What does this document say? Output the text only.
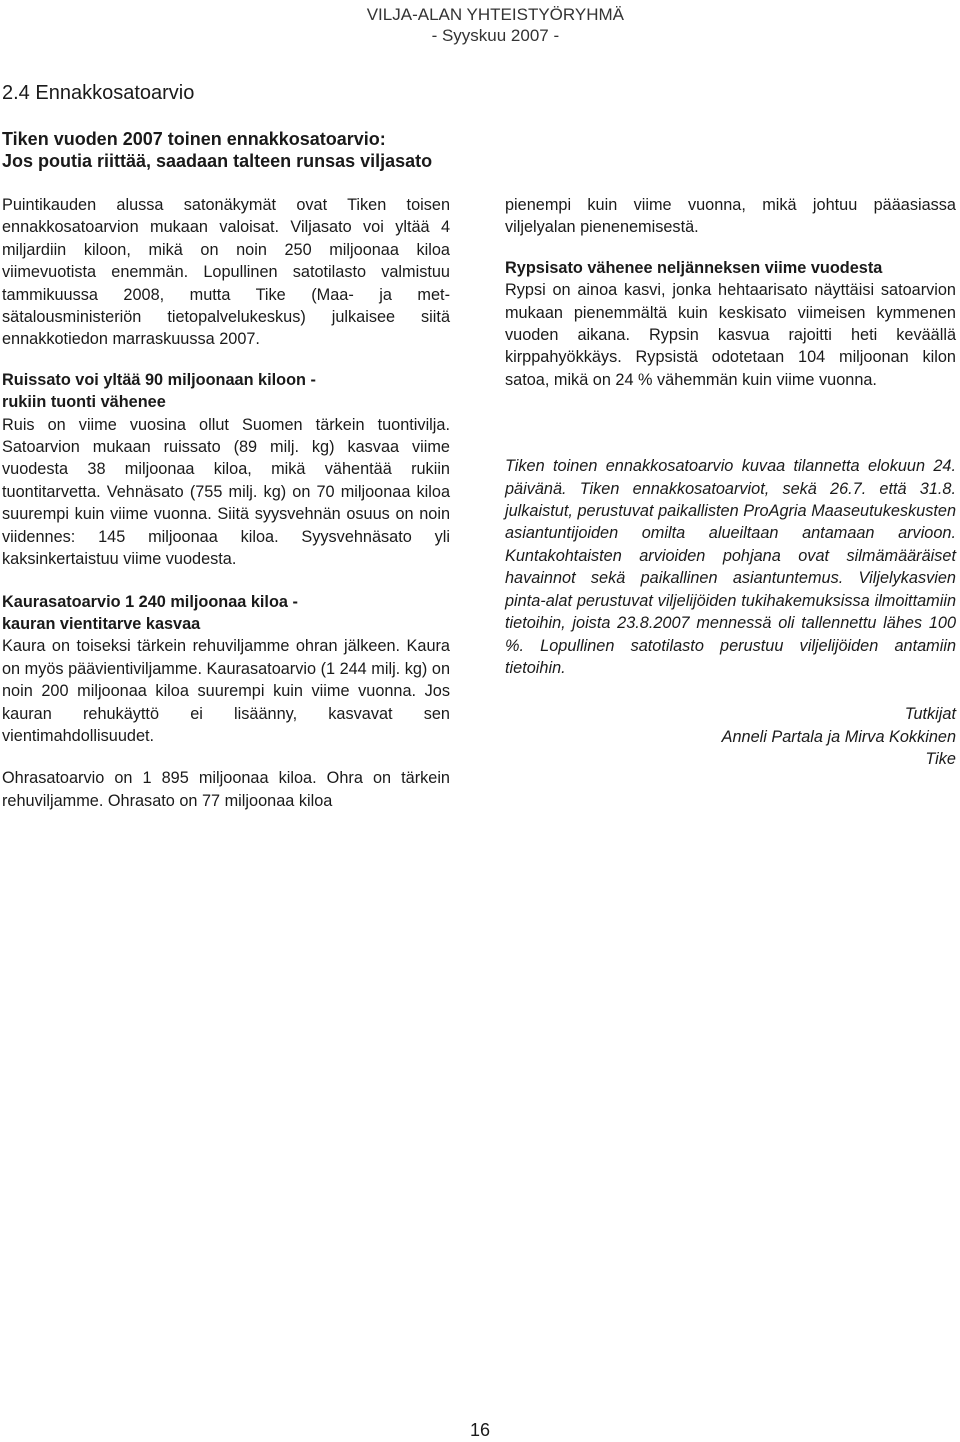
VILJA-ALAN YHTEISTYÖRYHMÄ
- Syyskuu 2007 -
2.4 Ennakkosatoarvio
Tiken vuoden 2007 toinen ennakkosatoarvio:
Jos poutia riittää, saadaan talteen runsas viljasato

Puintikauden alussa satonäkymät ovat Tiken toisen ennakkosatoarvion mukaan valoisat. Viljasato voi yltää 4 miljardiin kiloon, mikä on noin 250 miljoonaa kiloa viimevuotista enemmän. Lopullinen satotilasto valmistuu tammikuussa 2008, mutta Tike (Maa- ja met-sätalousministeriön tietopalvelukeskus) julkaisee siitä ennakkotiedon marraskuussa 2007.

Ruissato voi yltää 90 miljoonaan kiloon -
rukiin tuonti vähenee

Ruis on viime vuosina ollut Suomen tärkein tuontivilja. Satoarvion mukaan ruissato (89 milj. kg) kasvaa viime vuodesta 38 miljoonaa kiloa, mikä vähentää rukiin tuontitarvetta. Vehnäsato (755 milj. kg) on 70 miljoonaa kiloa suurempi kuin viime vuonna. Siitä syysvehnän osuus on noin viidennes: 145 miljoonaa kiloa. Syysvehnäsato yli kaksinkertaistuu viime vuodesta.

Kaurasatoarvio 1 240 miljoonaa kiloa -
kauran vientitarve kasvaa

Kaura on toiseksi tärkein rehuviljamme ohran jälkeen. Kaura on myös päävientiviljamme. Kaurasatoarvio (1 244 milj. kg) on noin 200 miljoonaa kiloa suurempi kuin viime vuonna. Jos kauran rehukäyttö ei lisäänny, kasvavat sen vientimahdollisuudet.

Ohrasatoarvio on 1 895 miljoonaa kiloa. Ohra on tärkein rehuviljamme. Ohrasato on 77 miljoonaa kiloa

pienempi kuin viime vuonna, mikä johtuu pääasiassa viljelyalan pienenemisestä.

Rypsisato vähenee neljänneksen viime vuodesta

Rypsi on ainoa kasvi, jonka hehtaarisato näyttäisi satoarvion mukaan pienemmältä kuin keskisato viimeisen kymmenen vuoden aikana. Rypsin kasvua rajoitti heti keväällä kirppahyökkäys. Rypsistä odotetaan 104 miljoonan kilon satoa, mikä on 24 % vähemmän kuin viime vuonna.

Tiken toinen ennakkosatoarvio kuvaa tilannetta elokuun 24. päivänä. Tiken ennakkosatoarviot, sekä 26.7. että 31.8. julkaistut, perustuvat paikallisten ProAgria Maaseutukeskusten asiantuntijoiden omilta alueiltaan antamaan arvioon. Kuntakohtaisten arvioiden pohjana ovat silmämääräiset havainnot sekä paikallinen asiantuntemus. Viljelykasvien pinta-alat perustuvat viljelijöiden tukihakemuksissa ilmoittamiin tietoihin, joista 23.8.2007 mennessä oli tallennettu lähes 100 %. Lopullinen satotilasto perustuu viljelijöiden antamiin tietoihin.

Tutkijat

Anneli Partala ja Mirva Kokkinen

Tike

16
